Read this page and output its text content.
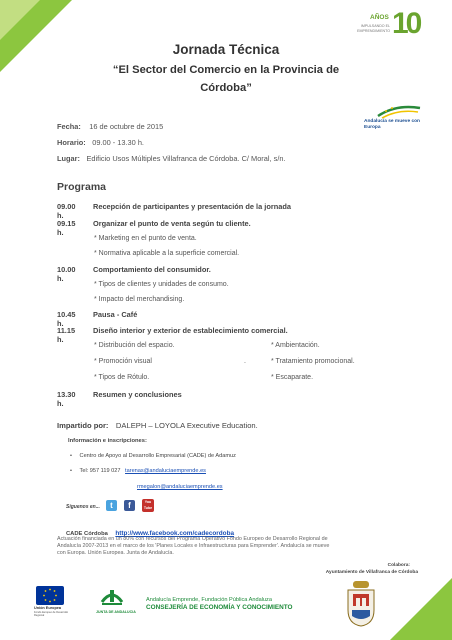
AÑOS
IMPULSANDO EL EMPRENDIMIENTO 10
Jornada Técnica
“El Sector del Comercio en la Provincia de
Córdoba”
Andalucía se mueve con Europa
Fecha: 16 de octubre de 2015
Horario: 09.00 - 13.30 h.
Lugar: Edificio Usos Múltiples Villafranca de Córdoba. C/ Moral, s/n.
Programa
09.00 h.
Recepción de participantes y presentación de la jornada
09.15 h.
Organizar el punto de venta según tu cliente.
* Marketing en el punto de venta.
* Normativa aplicable a la superficie comercial.
10.00 h.
Comportamiento del consumidor.
* Tipos de clientes y unidades de consumo.
* Impacto del merchandising.
10.45 h.
Pausa - Café
11.15 h.
Diseño interior y exterior de establecimiento comercial.
* Distribución del espacio.
* Promoción visual
* Tipos de Rótulo.
.
* Ambientación.
* Tratamiento promocional.
* Escaparate.
13.30 h.
Resumen y conclusiones
Impartido por: DALEPH – LOYOLA Executive Education.
Información e inscripciones:
• Centro de Apoyo al Desarrollo Empresarial (CADE) de Adamuz
• Tel: 957 119 027 tarenas@andaluciaemprende.es
rmegalon@andaluciaemprende.es
Síguenos en...	t	f	You Tube
CADE Córdoba http://www.facebook.com/cadecordoba
Actuación financiada en un 80% con recursos del Programa Operativo Fondo Europeo de Desarrollo Regional de
Andalucía 2007-2013 en el marco de los 'Planes Locales e Infraestructuras para Emprender'. Andalucía se mueve
con Europa. Unión Europea. Junta de Andalucía.
Colabora:
Ayuntamiento de Villafranca de Córdoba
Unión Europea
Fondo Europeo de Desarrollo Regional
JUNTA DE ANDALUCIA
Andalucía Emprende, Fundación Pública Andaluza
CONSEJERÍA DE ECONOMÍA Y CONOCIMIENTO
